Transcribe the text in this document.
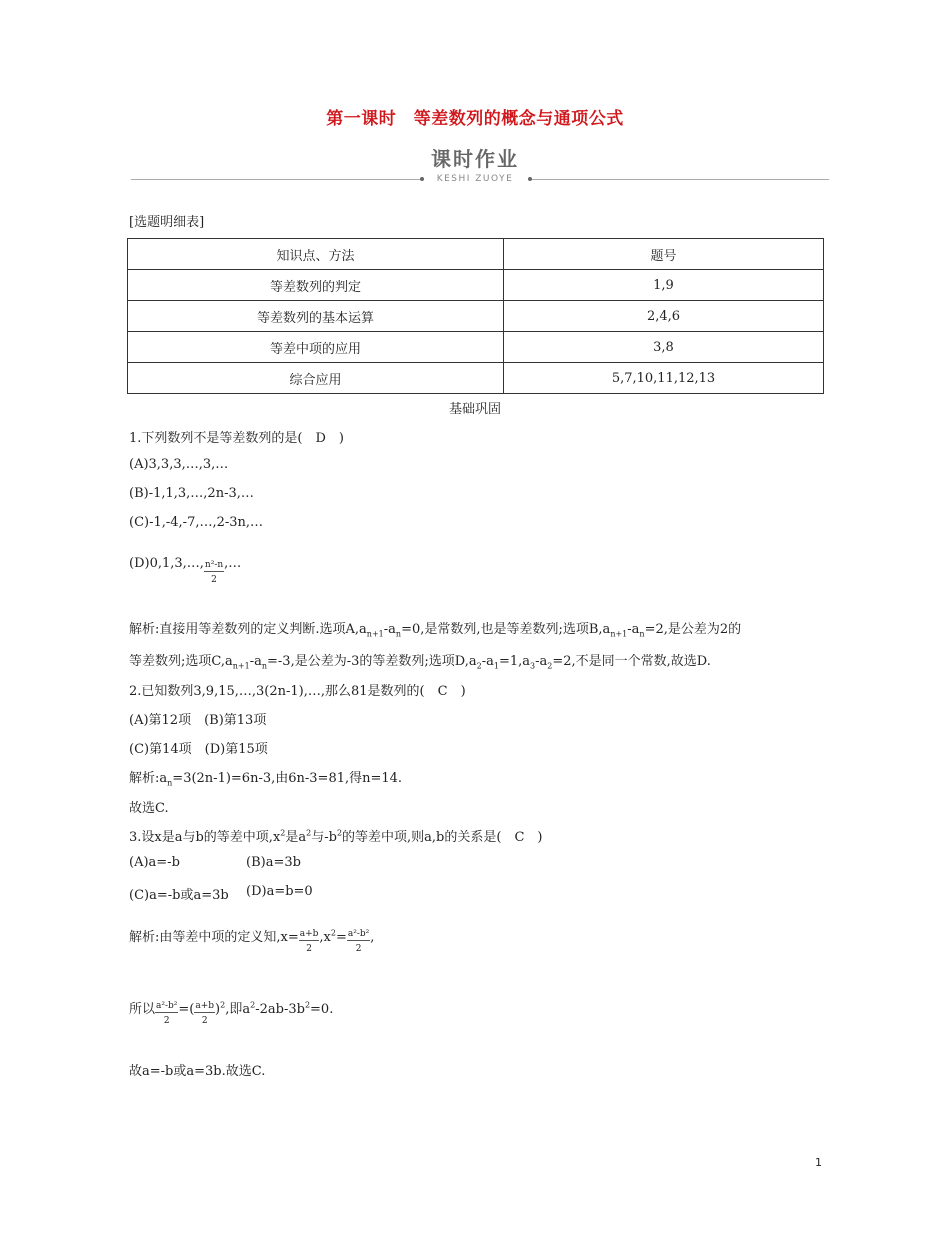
第一课时　等差数列的概念与通项公式
课时作业
KESHI ZUOYE
[选题明细表]
知识点、方法	题号
等差数列的判定	1,9
等差数列的基本运算	2,4,6
等差中项的应用	3,8
综合应用	5,7,10,11,12,13
基础巩固
1.下列数列不是等差数列的是(　D　)
(A)3,3,3,…,3,…
(B)-1,1,3,…,2n-3,…
(C)-1,-4,-7,…,2-3n,…
(D)0,1,3,…, $\frac{\text{n²-n}}{2}$ ,…
解析:直接用等差数列的定义判断.选项$A,a_{n+1}-a_n=0$,是常数列,也是等差数列;选项$B,a_{n+1}-a_n=2$,是公差为2的
等差数列;选项$C,a_{n+1}-a_n=-3$,是公差为-3的等差数列;选项$D,a_2-a_1=1,a_3-a_2=2$,不是同一个常数,故选D.
2.已知数列3,9,15,…,3(2n-1),…,那么81是数列的(　C　)
(A)第12项　(B)第13项
(C)第14项　(D)第15项
解析$:a_n=3(2n-1)=6n-3$,由6n-3=81,得n=14.
故选C.
3.设x是a与b的等差中项$,x^2$是$a^2$与$-b^2$的等差中项,则a,b的关系是(　C　)
(A)a=-b	(B)a=3b
(C)a=-b或a=3b (D)a=b=0
解析:由等差中项的定义知$,x= \frac{a+b}{2} ,x^2= \frac{\text{a²-b²}}{2}$ ,
所以 $\frac{\text{a²-b²}}{2}$ =( $\frac{a+b}{2} )^2$,即$a^2-2ab-3b^2=0$.
故a=-b或a=3b.故选C.
1
